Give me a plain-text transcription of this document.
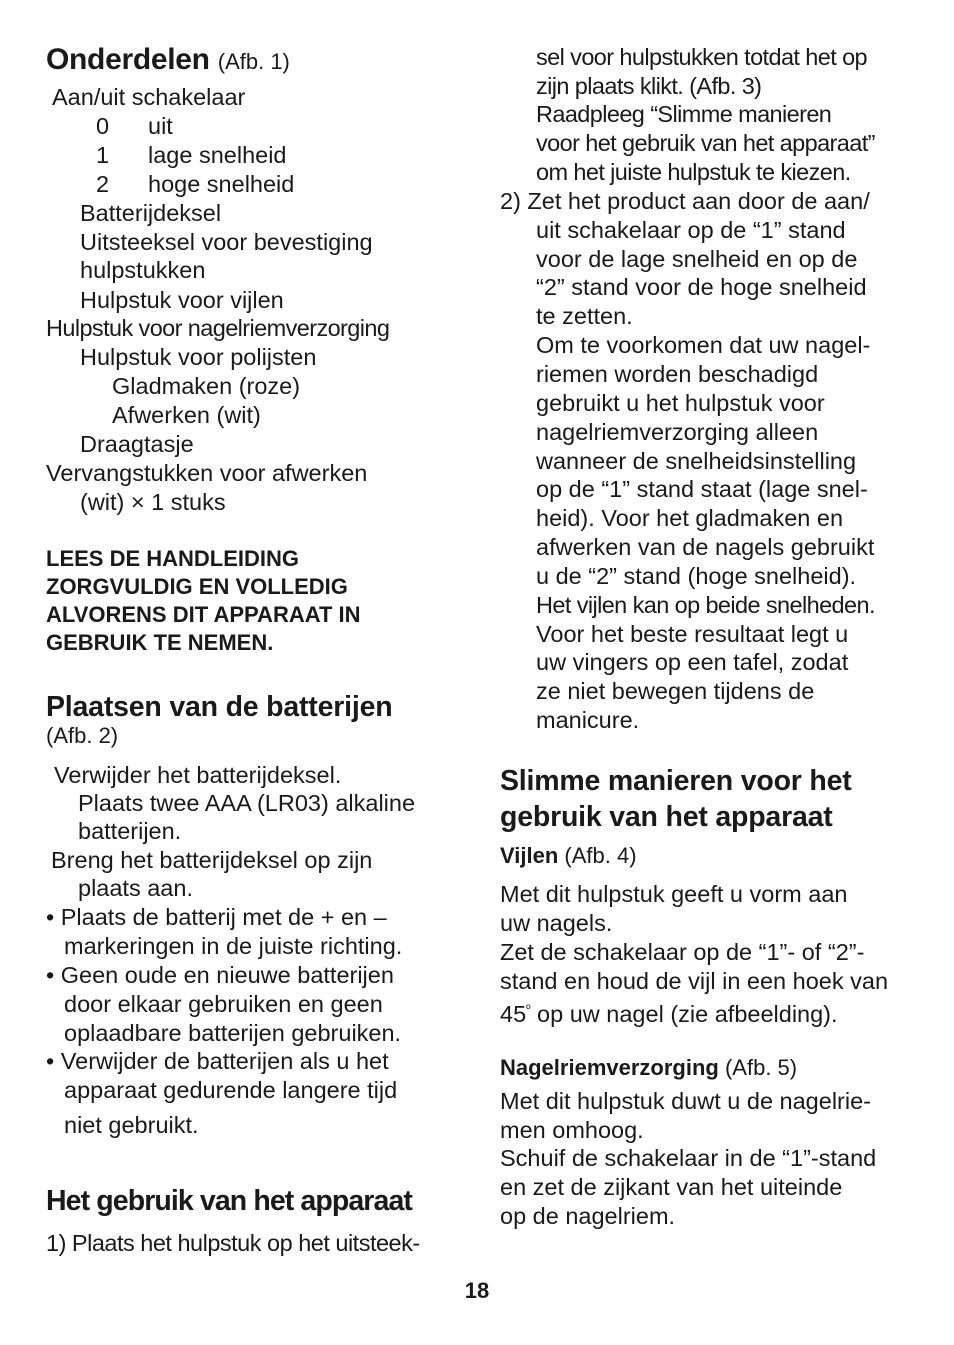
Onderdelen (Afb. 1)
Aan/uit schakelaar
0 uit
1 lage snelheid
2 hoge snelheid
Batterijdeksel
Uitsteeksel voor bevestiging
hulpstukken
Hulpstuk voor vijlen
Hulpstuk voor nagelriemverzorging
Hulpstuk voor polijsten
Gladmaken (roze)
Afwerken (wit)
Draagtasje
Vervangstukken voor afwerken
(wit) × 1 stuks
LEES DE HANDLEIDING
ZORGVULDIG EN VOLLEDIG
ALVORENS DIT APPARAAT IN
GEBRUIK TE NEMEN.
Plaatsen van de batterijen
(Afb. 2)
Verwijder het batterijdeksel.
Plaats twee AAA (LR03) alkaline
batterijen.
Breng het batterijdeksel op zijn
plaats aan.
• Plaats de batterij met de + en –
markeringen in de juiste richting.
• Geen oude en nieuwe batterijen
door elkaar gebruiken en geen
oplaadbare batterijen gebruiken.
• Verwijder de batterijen als u het
apparaat gedurende langere tijd
niet gebruikt.
Het gebruik van het apparaat
1) Plaats het hulpstuk op het uitsteek-
sel voor hulpstukken totdat het op
zijn plaats klikt. (Afb. 3)
Raadpleeg “Slimme manieren
voor het gebruik van het apparaat”
om het juiste hulpstuk te kiezen.
2) Zet het product aan door de aan/
uit schakelaar op de “1” stand
voor de lage snelheid en op de
“2” stand voor de hoge snelheid
te zetten.
Om te voorkomen dat uw nagel-
riemen worden beschadigd
gebruikt u het hulpstuk voor
nagelriemverzorging alleen
wanneer de snelheidsinstelling
op de “1” stand staat (lage snel-
heid). Voor het gladmaken en
afwerken van de nagels gebruikt
u de “2” stand (hoge snelheid).
Het vijlen kan op beide snelheden.
Voor het beste resultaat legt u
uw vingers op een tafel, zodat
ze niet bewegen tijdens de
manicure.
Slimme manieren voor het
gebruik van het apparaat
Vijlen (Afb. 4)
Met dit hulpstuk geeft u vorm aan
uw nagels.
Zet de schakelaar op de “1”- of “2”-
stand en houd de vijl in een hoek van
$45^º$ op uw nagel (zie afbeelding).
Nagelriemverzorging (Afb. 5)
Met dit hulpstuk duwt u de nagelrie-
men omhoog.
Schuif de schakelaar in de “1”-stand
en zet de zijkant van het uiteinde
op de nagelriem.
18
